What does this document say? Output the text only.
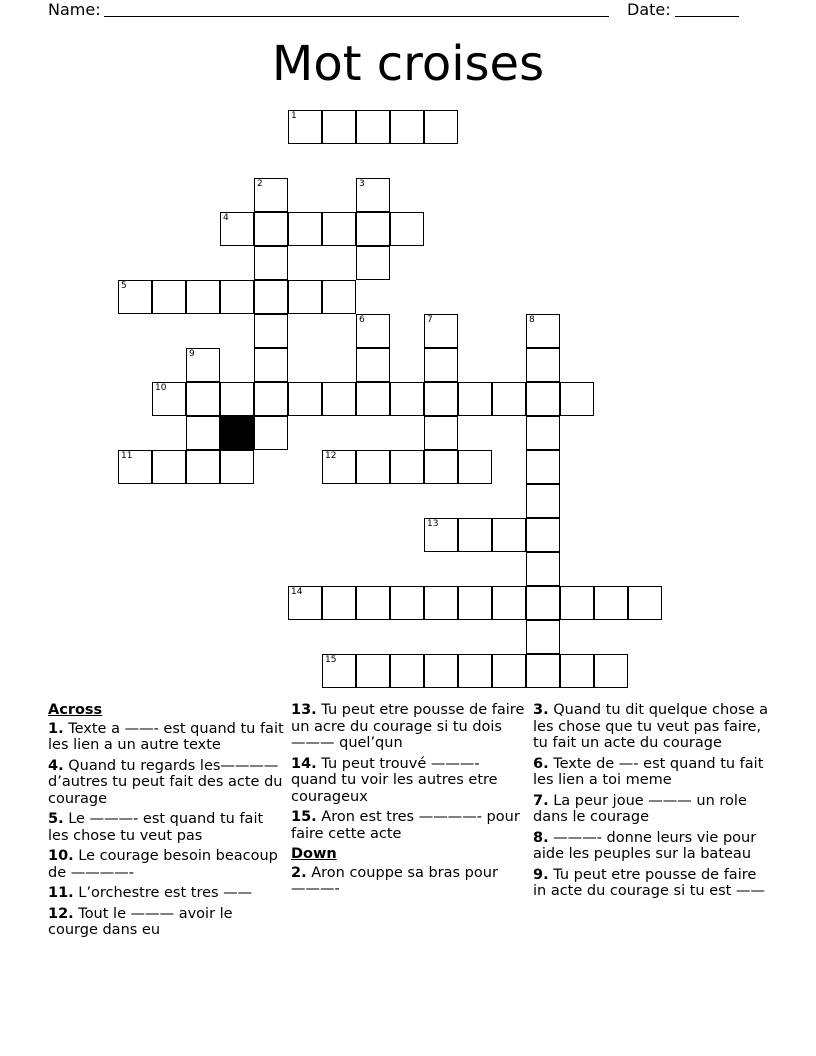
Name:	Date:
Mot croises
1
2	3
4
5
6	7	8
9
10
11	12
13
14
15
Across
1. Texte a ——- est quand tu fait les lien a un autre texte
4. Quand tu regards les———— d’autres tu peut fait des acte du courage
5. Le ———- est quand tu fait les chose tu veut pas
10. Le courage besoin beacoup de ————-
11. L’orchestre est tres ——
12. Tout le ——— avoir le courge dans eu
13. Tu peut etre pousse de faire un acre du courage si tu dois ——— quel’qun
14. Tu peut trouvé ———- quand tu voir les autres etre courageux
15. Aron est tres ————- pour faire cette acte
Down
2. Aron couppe sa bras pour ———-
3. Quand tu dit quelque chose a les chose que tu veut pas faire, tu fait un acte du courage
6. Texte de —- est quand tu fait les lien a toi meme
7. La peur joue ——— un role dans le courage
8. ———- donne leurs vie pour aide les peuples sur la bateau
9. Tu peut etre pousse de faire in acte du courage si tu est ——
